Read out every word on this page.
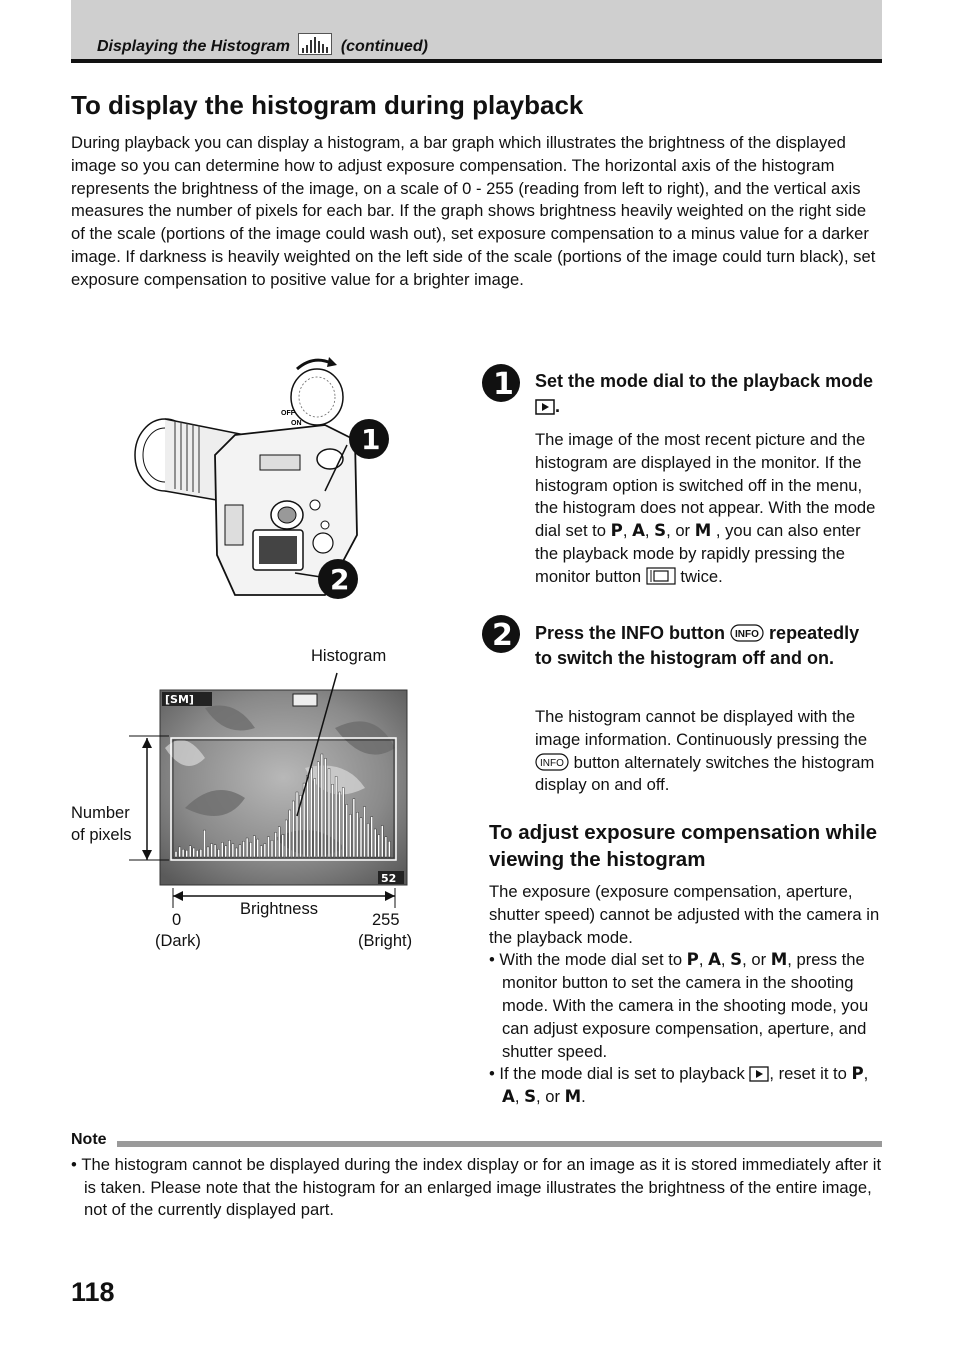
Displaying the Histogram	(continued)
To display the histogram during playback
During playback you can display a histogram, a bar graph which illustrates the brightness of the displayed image so you can determine how to adjust exposure compensation. The horizontal axis of the histogram represents the brightness of the image, on a scale of 0 - 255 (reading from left to right), and the vertical axis measures the number of pixels for each bar. If the graph shows brightness heavily weighted on the right side of the scale (portions of the image could wash out), set exposure compensation to a minus value for a darker image. If darkness is heavily weighted on the left side of the scale (portions of the image could turn black), set exposure compensation to positive value for a brighter image.
OFF
ON 1
2
Histogram
Number
of pixels
Brightness
0
(Dark)
255
(Bright)
[SM]
52
1 Set the mode dial to the playback mode .
The image of the most recent picture and the histogram are displayed in the monitor. If the histogram option is switched off in the menu, the histogram does not appear. With the mode dial set to P, A, S, or M , you can also enter the playback mode by rapidly pressing the monitor button twice.
2 Press the INFO button INFO repeatedly to switch the histogram off and on.
The histogram cannot be displayed with the image information. Continuously pressing the
INFO button alternately switches the histogram display on and off.
To adjust exposure compensation while viewing the histogram
The exposure (exposure compensation, aperture, shutter speed) cannot be adjusted with the camera in the playback mode.
• With the mode dial set to P, A, S, or M, press the monitor button to set the camera in the shooting mode. With the camera in the shooting mode, you can adjust exposure compensation, aperture, and shutter speed.
• If the mode dial is set to playback , reset it to P, A, S, or M.
Note
• The histogram cannot be displayed during the index display or for an image as it is stored immediately after it is taken. Please note that the histogram for an enlarged image illustrates the brightness of the entire image, not of the currently displayed part.
118
